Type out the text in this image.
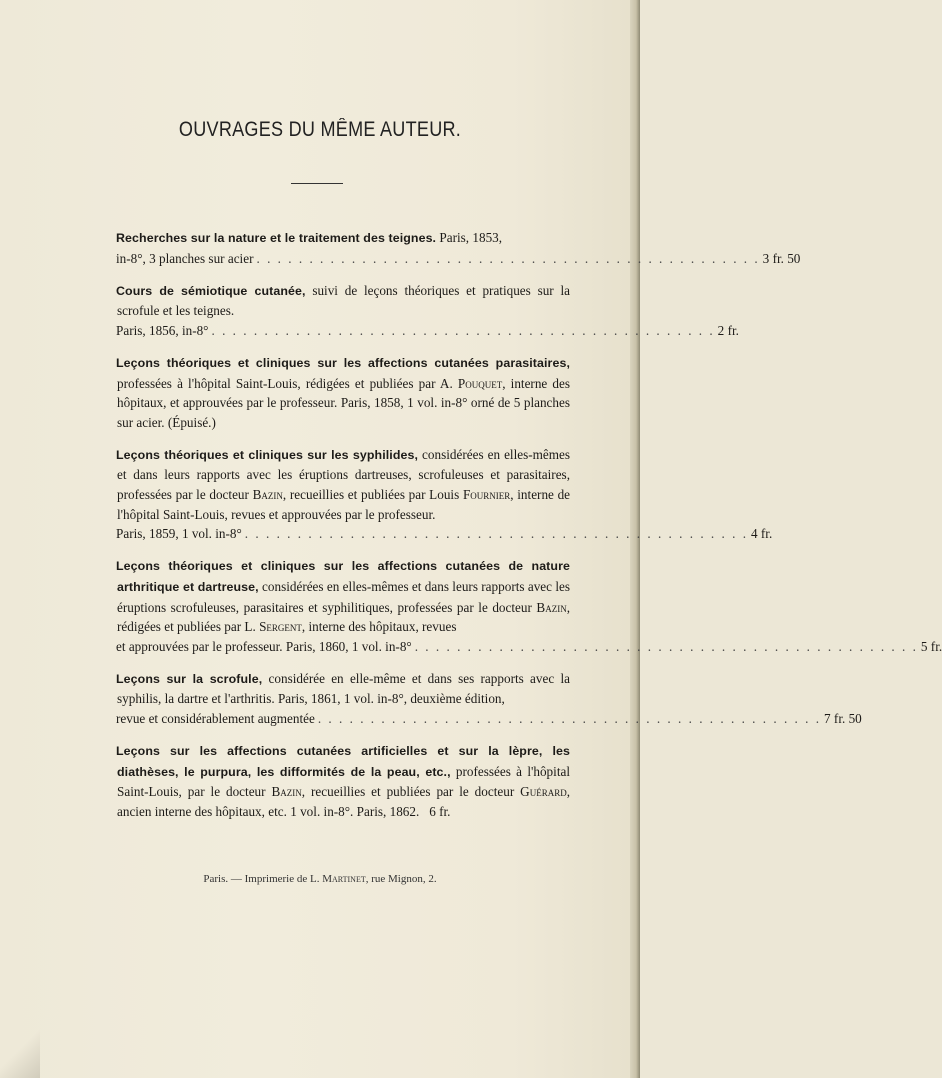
OUVRAGES DU MÊME AUTEUR.

Recherches sur la nature et le traitement des teignes. Paris, 1853,
in-8°, 3 planches sur acier . . . . . . . . . . . . . . . . . . . . . . . . . . . . . . . . . . . . . . . . . . . . . . . . 3 fr. 50

Cours de sémiotique cutanée, suivi de leçons théoriques et pratiques sur la scrofule et les teignes.
Paris, 1856, in-8° . . . . . . . . . . . . . . . . . . . . . . . . . . . . . . . . . . . . . . . . . . . . . . . . 2 fr.

Leçons théoriques et cliniques sur les affections cutanées parasitaires, professées à l'hôpital Saint-Louis, rédigées et publiées par A. Pouquet, interne des hôpitaux, et approuvées par le professeur. Paris, 1858, 1 vol. in-8° orné de 5 planches sur acier. (Épuisé.)

Leçons théoriques et cliniques sur les syphilides, considérées en elles-mêmes et dans leurs rapports avec les éruptions dartreuses, scrofuleuses et parasitaires, professées par le docteur Bazin, recueillies et publiées par Louis Fournier, interne de l'hôpital Saint-Louis, revues et approuvées par le professeur.
Paris, 1859, 1 vol. in-8° . . . . . . . . . . . . . . . . . . . . . . . . . . . . . . . . . . . . . . . . . . . . . . . . 4 fr.

Leçons théoriques et cliniques sur les affections cutanées de nature arthritique et dartreuse, considérées en elles-mêmes et dans leurs rapports avec les éruptions scrofuleuses, parasitaires et syphilitiques, professées par le docteur Bazin, rédigées et publiées par L. Sergent, interne des hôpitaux, revues
et approuvées par le professeur. Paris, 1860, 1 vol. in-8° . . . . . . . . . . . . . . . . . . . . . . . . . . . . . . . . . . . . . . . . . . . . . . . . 5 fr.

Leçons sur la scrofule, considérée en elle-même et dans ses rapports avec la syphilis, la dartre et l'arthritis. Paris, 1861, 1 vol. in-8°, deuxième édition,
revue et considérablement augmentée . . . . . . . . . . . . . . . . . . . . . . . . . . . . . . . . . . . . . . . . . . . . . . . . 7 fr. 50

Leçons sur les affections cutanées artificielles et sur la lèpre, les diathèses, le purpura, les difformités de la peau, etc., professées à l'hôpital Saint-Louis, par le docteur Bazin, recueillies et publiées par le docteur Guérard, ancien interne des hôpitaux, etc. 1 vol. in-8°. Paris, 1862. 6 fr.

Paris. — Imprimerie de L. Martinet, rue Mignon, 2.
